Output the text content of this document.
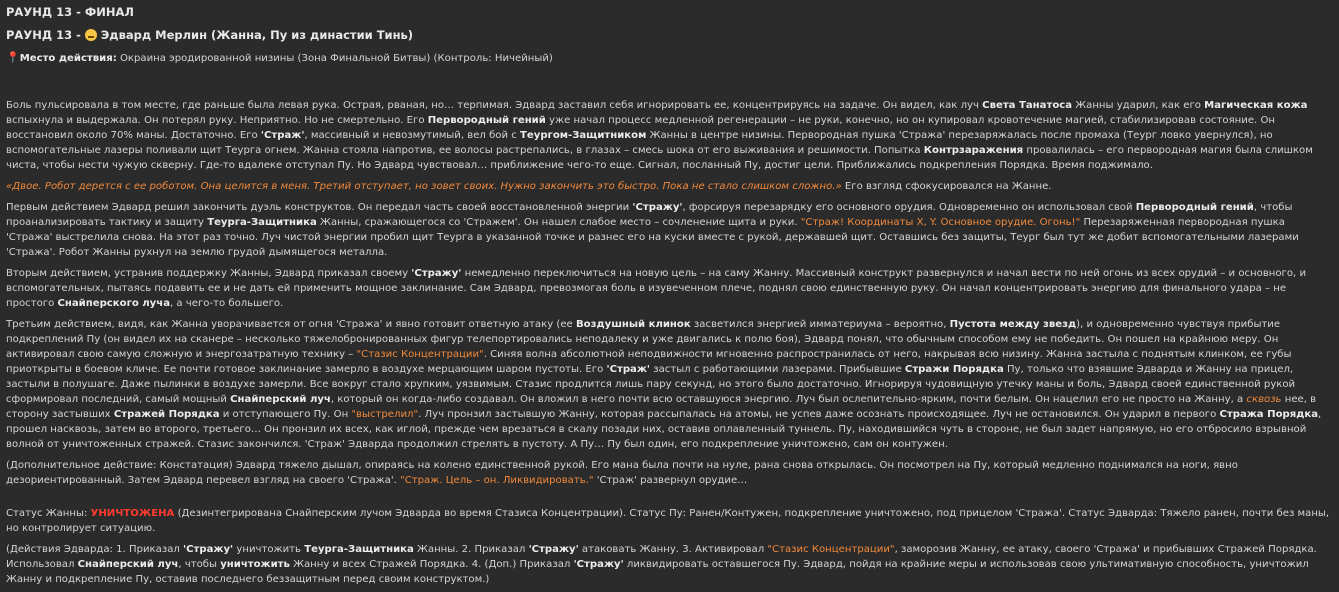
РАУНД 13 - ФИНАЛ
РАУНД 13 - Эдвард Мерлин (Жанна, Пу из династии Тинь)
📍Место действия: Окраина эродированной низины (Зона Финальной Битвы) (Контроль: Ничейный)

Боль пульсировала в том месте, где раньше была левая рука. Острая, рваная, но… терпимая. Эдвард заставил себя игнорировать ее, концентрируясь на задаче. Он видел, как луч Света Танатоса Жанны ударил, как его Магическая кожа вспыхнула и выдержала. Он потерял руку. Неприятно. Но не смертельно. Его Первородный гений уже начал процесс медленной регенерации – не руки, конечно, но он купировал кровотечение магией, стабилизировав состояние. Он восстановил около 70% маны. Достаточно. Его 'Страж', массивный и невозмутимый, вел бой с Теургом-Защитником Жанны в центре низины. Первородная пушка 'Стража' перезаряжалась после промаха (Теург ловко увернулся), но вспомогательные лазеры поливали щит Теурга огнем. Жанна стояла напротив, ее волосы растрепались, в глазах – смесь шока от его выживания и решимости. Попытка Контрзаражения провалилась – его первородная магия была слишком чиста, чтобы нести чужую скверну. Где-то вдалеке отступал Пу. Но Эдвард чувствовал… приближение чего-то еще. Сигнал, посланный Пу, достиг цели. Приближались подкрепления Порядка. Время поджимало.

«Двое. Робот дерется с ее роботом. Она целится в меня. Третий отступает, но зовет своих. Нужно закончить это быстро. Пока не стало слишком сложно.» Его взгляд сфокусировался на Жанне.

Первым действием Эдвард решил закончить дуэль конструктов. Он передал часть своей восстановленной энергии 'Стражу', форсируя перезарядку его основного орудия. Одновременно он использовал свой Первородный гений, чтобы проанализировать тактику и защиту Теурга-Защитника Жанны, сражающегося со 'Стражем'. Он нашел слабое место – сочленение щита и руки. "Страж! Координаты X, Y. Основное орудие. Огонь!" Перезаряженная первородная пушка 'Стража' выстрелила снова. На этот раз точно. Луч чистой энергии пробил щит Теурга в указанной точке и разнес его на куски вместе с рукой, державшей щит. Оставшись без защиты, Теург был тут же добит вспомогательными лазерами 'Стража'. Робот Жанны рухнул на землю грудой дымящегося металла.

Вторым действием, устранив поддержку Жанны, Эдвард приказал своему 'Стражу' немедленно переключиться на новую цель – на саму Жанну. Массивный конструкт развернулся и начал вести по ней огонь из всех орудий – и основного, и вспомогательных, пытаясь подавить ее и не дать ей применить мощное заклинание. Сам Эдвард, превозмогая боль в изувеченном плече, поднял свою единственную руку. Он начал концентрировать энергию для финального удара – не простого Снайперского луча, а чего-то большего.

Третьим действием, видя, как Жанна уворачивается от огня 'Стража' и явно готовит ответную атаку (ее Воздушный клинок засветился энергией имматериума – вероятно, Пустота между звезд), и одновременно чувствуя прибытие подкреплений Пу (он видел их на сканере – несколько тяжелобронированных фигур телепортировались неподалеку и уже двигались к полю боя), Эдвард понял, что обычным способом ему не победить. Он пошел на крайнюю меру. Он активировал свою самую сложную и энергозатратную технику – "Стазис Концентрации". Синяя волна абсолютной неподвижности мгновенно распространилась от него, накрывая всю низину. Жанна застыла с поднятым клинком, ее губы приоткрыты в боевом кличе. Ее почти готовое заклинание замерло в воздухе мерцающим шаром пустоты. Его 'Страж' застыл с работающими лазерами. Прибывшие Стражи Порядка Пу, только что взявшие Эдварда и Жанну на прицел, застыли в полушаге. Даже пылинки в воздухе замерли. Все вокруг стало хрупким, уязвимым. Стазис продлится лишь пару секунд, но этого было достаточно. Игнорируя чудовищную утечку маны и боль, Эдвард своей единственной рукой сформировал последний, самый мощный Снайперский луч, который он когда-либо создавал. Он вложил в него почти всю оставшуюся энергию. Луч был ослепительно-ярким, почти белым. Он нацелил его не просто на Жанну, а сквозь нее, в сторону застывших Стражей Порядка и отступающего Пу. Он "выстрелил". Луч пронзил застывшую Жанну, которая рассыпалась на атомы, не успев даже осознать происходящее. Луч не остановился. Он ударил в первого Стража Порядка, прошел насквозь, затем во второго, третьего… Он пронзил их всех, как иглой, прежде чем врезаться в скалу позади них, оставив оплавленный туннель. Пу, находившийся чуть в стороне, не был задет напрямую, но его отбросило взрывной волной от уничтоженных стражей. Стазис закончился. 'Страж' Эдварда продолжил стрелять в пустоту. А Пу… Пу был один, его подкрепление уничтожено, сам он контужен.

(Дополнительное действие: Констатация) Эдвард тяжело дышал, опираясь на колено единственной рукой. Его мана была почти на нуле, рана снова открылась. Он посмотрел на Пу, который медленно поднимался на ноги, явно дезориентированный. Затем Эдвард перевел взгляд на своего 'Стража'. "Страж. Цель – он. Ликвидировать." 'Страж' развернул орудие…

Статус Жанны: УНИЧТОЖЕНА (Дезинтегрирована Снайперским лучом Эдварда во время Стазиса Концентрации). Статус Пу: Ранен/Контужен, подкрепление уничтожено, под прицелом 'Стража'. Статус Эдварда: Тяжело ранен, почти без маны, но контролирует ситуацию.

(Действия Эдварда: 1. Приказал 'Стражу' уничтожить Теурга-Защитника Жанны. 2. Приказал 'Стражу' атаковать Жанну. 3. Активировал "Стазис Концентрации", заморозив Жанну, ее атаку, своего 'Стража' и прибывших Стражей Порядка. Использовал Снайперский луч, чтобы уничтожить Жанну и всех Стражей Порядка. 4. (Доп.) Приказал 'Стражу' ликвидировать оставшегося Пу. Эдвард, пойдя на крайние меры и использовав свою ультимативную способность, уничтожил Жанну и подкрепление Пу, оставив последнего беззащитным перед своим конструктом.)
